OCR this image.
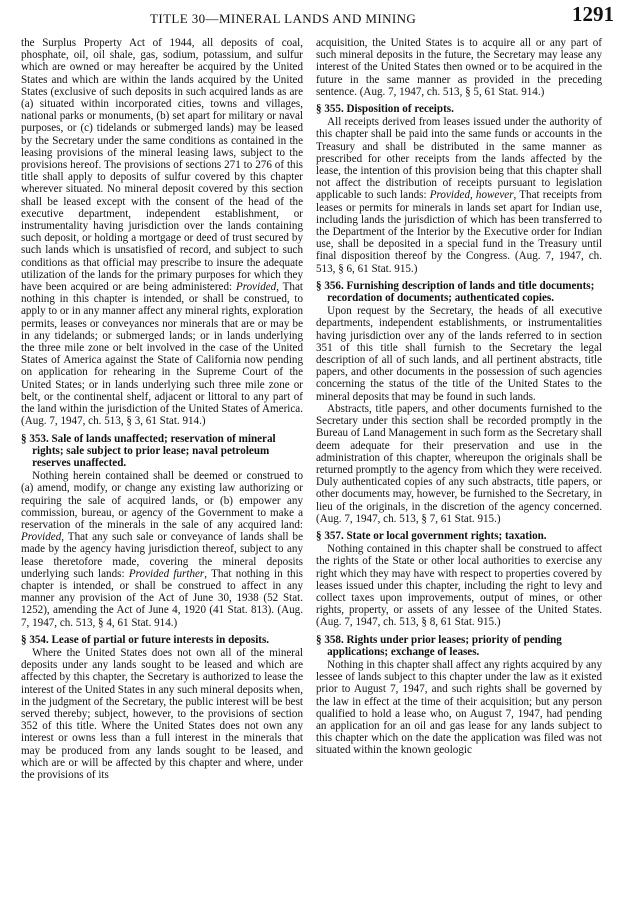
TITLE 30—MINERAL LANDS AND MINING	1291

the Surplus Property Act of 1944, all deposits of coal, phosphate, oil, oil shale, gas, sodium, potassium, and sulfur which are owned or may hereafter be acquired by the United States and which are within the lands acquired by the United States (exclusive of such deposits in such acquired lands as are (a) situated within incorporated cities, towns and villages, national parks or monuments, (b) set apart for military or naval purposes, or (c) tidelands or submerged lands) may be leased by the Secretary under the same conditions as contained in the leasing provisions of the mineral leasing laws, subject to the provisions hereof. The provisions of sections 271 to 276 of this title shall apply to deposits of sulfur covered by this chapter wherever situated. No mineral deposit covered by this section shall be leased except with the consent of the head of the executive department, independent establishment, or instrumentality having jurisdiction over the lands containing such deposit, or holding a mortgage or deed of trust secured by such lands which is unsatisfied of record, and subject to such conditions as that official may prescribe to insure the adequate utilization of the lands for the primary purposes for which they have been acquired or are being administered: Provided, That nothing in this chapter is intended, or shall be construed, to apply to or in any manner affect any mineral rights, exploration permits, leases or conveyances nor minerals that are or may be in any tidelands; or submerged lands; or in lands underlying the three mile zone or belt involved in the case of the United States of America against the State of California now pending on application for rehearing in the Supreme Court of the United States; or in lands underlying such three mile zone or belt, or the continental shelf, adjacent or littoral to any part of the land within the jurisdiction of the United States of America. (Aug. 7, 1947, ch. 513, § 3, 61 Stat. 914.)

§ 353. Sale of lands unaffected; reservation of mineral rights; sale subject to prior lease; naval petroleum reserves unaffected.

Nothing herein contained shall be deemed or construed to (a) amend, modify, or change any existing law authorizing or requiring the sale of acquired lands, or (b) empower any commission, bureau, or agency of the Government to make a reservation of the minerals in the sale of any acquired land: Provided, That any such sale or conveyance of lands shall be made by the agency having jurisdiction thereof, subject to any lease theretofore made, covering the mineral deposits underlying such lands: Provided further, That nothing in this chapter is intended, or shall be construed to affect in any manner any provision of the Act of June 30, 1938 (52 Stat. 1252), amending the Act of June 4, 1920 (41 Stat. 813). (Aug. 7, 1947, ch. 513, § 4, 61 Stat. 914.)

§ 354. Lease of partial or future interests in deposits.

Where the United States does not own all of the mineral deposits under any lands sought to be leased and which are affected by this chapter, the Secretary is authorized to lease the interest of the United States in any such mineral deposits when, in the judgment of the Secretary, the public interest will be best served thereby; subject, however, to the provisions of section 352 of this title. Where the United States does not own any interest or owns less than a full interest in the minerals that may be produced from any lands sought to be leased, and which are or will be affected by this chapter and where, under the provisions of its

acquisition, the United States is to acquire all or any part of such mineral deposits in the future, the Secretary may lease any interest of the United States then owned or to be acquired in the future in the same manner as provided in the preceding sentence. (Aug. 7, 1947, ch. 513, § 5, 61 Stat. 914.)

§ 355. Disposition of receipts.

All receipts derived from leases issued under the authority of this chapter shall be paid into the same funds or accounts in the Treasury and shall be distributed in the same manner as prescribed for other receipts from the lands affected by the lease, the intention of this provision being that this chapter shall not affect the distribution of receipts pursuant to legislation applicable to such lands: Provided, however, That receipts from leases or permits for minerals in lands set apart for Indian use, including lands the jurisdiction of which has been transferred to the Department of the Interior by the Executive order for Indian use, shall be deposited in a special fund in the Treasury until final disposition thereof by the Congress. (Aug. 7, 1947, ch. 513, § 6, 61 Stat. 915.)

§ 356. Furnishing description of lands and title documents; recordation of documents; authenticated copies.

Upon request by the Secretary, the heads of all executive departments, independent establishments, or instrumentalities having jurisdiction over any of the lands referred to in section 351 of this title shall furnish to the Secretary the legal description of all of such lands, and all pertinent abstracts, title papers, and other documents in the possession of such agencies concerning the status of the title of the United States to the mineral deposits that may be found in such lands.

Abstracts, title papers, and other documents furnished to the Secretary under this section shall be recorded promptly in the Bureau of Land Management in such form as the Secretary shall deem adequate for their preservation and use in the administration of this chapter, whereupon the originals shall be returned promptly to the agency from which they were received. Duly authenticated copies of any such abstracts, title papers, or other documents may, however, be furnished to the Secretary, in lieu of the originals, in the discretion of the agency concerned. (Aug. 7, 1947, ch. 513, § 7, 61 Stat. 915.)

§ 357. State or local government rights; taxation.

Nothing contained in this chapter shall be construed to affect the rights of the State or other local authorities to exercise any right which they may have with respect to properties covered by leases issued under this chapter, including the right to levy and collect taxes upon improvements, output of mines, or other rights, property, or assets of any lessee of the United States. (Aug. 7, 1947, ch. 513, § 8, 61 Stat. 915.)

§ 358. Rights under prior leases; priority of pending applications; exchange of leases.

Nothing in this chapter shall affect any rights acquired by any lessee of lands subject to this chapter under the law as it existed prior to August 7, 1947, and such rights shall be governed by the law in effect at the time of their acquisition; but any person qualified to hold a lease who, on August 7, 1947, had pending an application for an oil and gas lease for any lands subject to this chapter which on the date the application was filed was not situated within the known geologic
